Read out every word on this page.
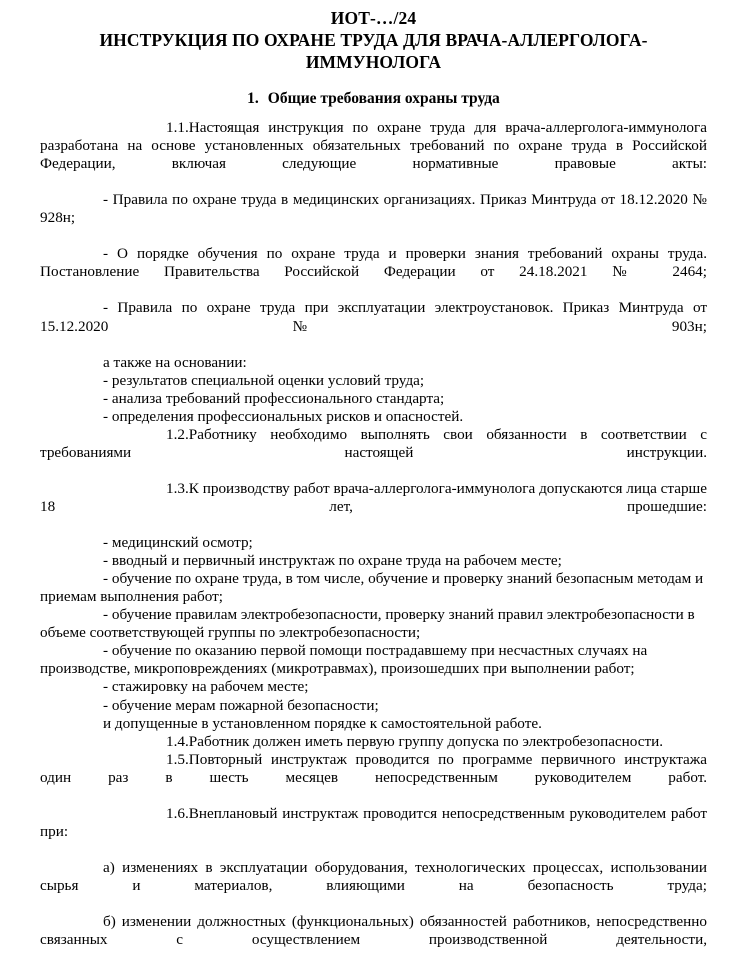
ИОТ-…/24
ИНСТРУКЦИЯ ПО ОХРАНЕ ТРУДА ДЛЯ ВРАЧА-АЛЛЕРГОЛОГА-
ИММУНОЛОГА
1. Общие требования охраны труда

1.1.Настоящая инструкция по охране труда для врача-аллерголога-иммунолога разработана на основе установленных обязательных требований по охране труда в Российской Федерации, включая следующие нормативные правовые акты:

- Правила по охране труда в медицинских организациях. Приказ Минтруда от 18.12.2020 № 928н;

- О порядке обучения по охране труда и проверки знания требований охраны труда. Постановление Правительства Российской Федерации от 24.18.2021 № 2464;

- Правила по охране труда при эксплуатации электроустановок. Приказ Минтруда от 15.12.2020 № 903н;

а также на основании:

- результатов специальной оценки условий труда;

- анализа требований профессионального стандарта;

- определения профессиональных рисков и опасностей.

1.2.Работнику необходимо выполнять свои обязанности в соответствии с требованиями настоящей инструкции.

1.3.К производству работ врача-аллерголога-иммунолога допускаются лица старше 18 лет, прошедшие:

- медицинский осмотр;

- вводный и первичный инструктаж по охране труда на рабочем месте;

- обучение по охране труда, в том числе, обучение и проверку знаний безопасным методам и приемам выполнения работ;

- обучение правилам электробезопасности, проверку знаний правил электробезопасности в объеме соответствующей группы по электробезопасности;

- обучение по оказанию первой помощи пострадавшему при несчастных случаях на производстве, микроповреждениях (микротравмах), произошедших при выполнении работ;

- стажировку на рабочем месте;

- обучение мерам пожарной безопасности;

и допущенные в установленном порядке к самостоятельной работе.

1.4.Работник должен иметь первую группу допуска по электробезопасности.

1.5.Повторный инструктаж проводится по программе первичного инструктажа один раз в шесть месяцев непосредственным руководителем работ.

1.6.Внеплановый инструктаж проводится непосредственным руководителем работ при:

а) изменениях в эксплуатации оборудования, технологических процессах, использовании сырья и материалов, влияющими на безопасность труда;

б) изменении должностных (функциональных) обязанностей работников, непосредственно связанных с осуществлением производственной деятельности,
